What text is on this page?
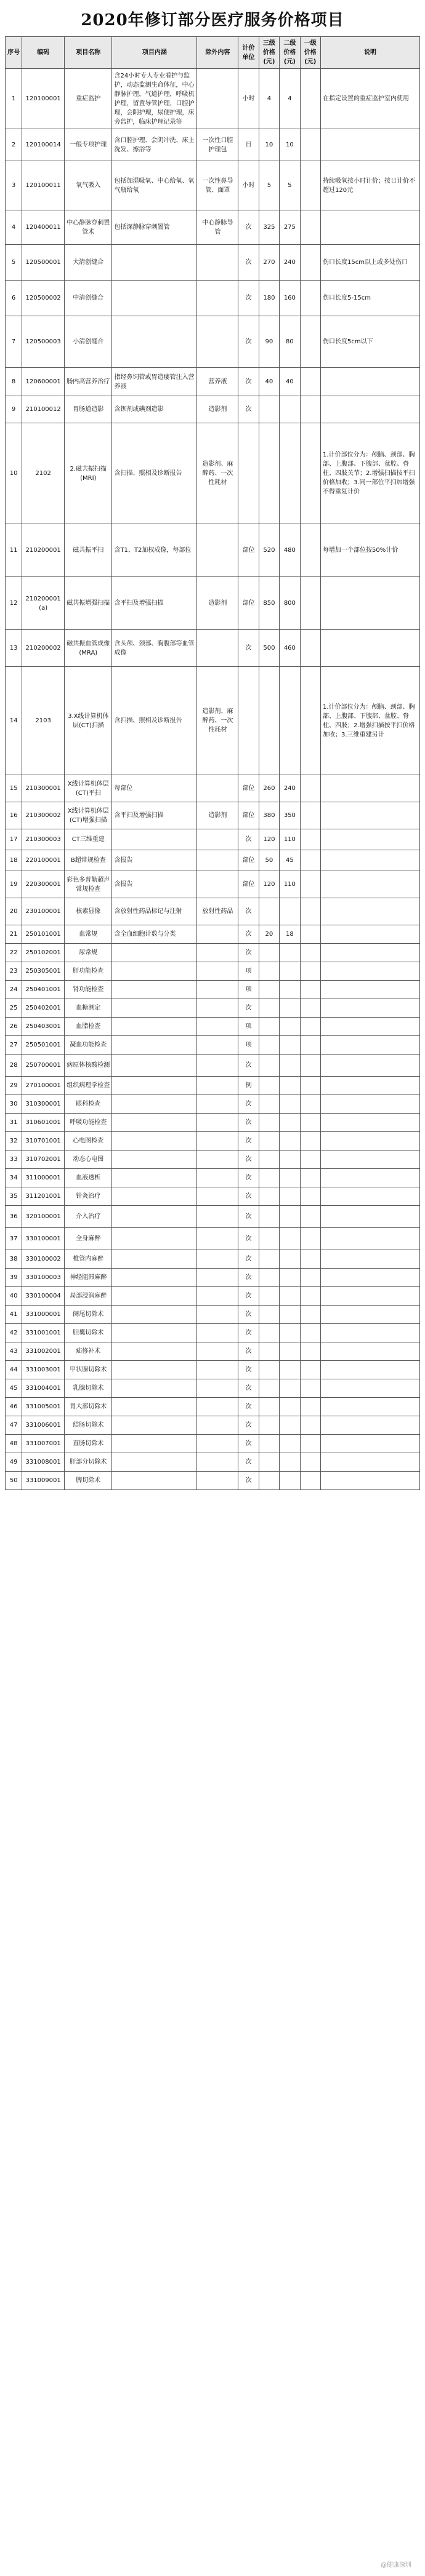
2020年修订部分医疗服务价格项目
序号	编码	项目名称	项目内涵	除外内容	计价单位	三级价格(元)	二级价格(元)	一级价格(元)	说明
1	120100001	重症监护	含24小时专人专业看护与监护，动态监测生命体征，中心静脉护理，气道护理，呼吸机护理，留置导管护理，口腔护理，会阴护理，尿便护理，床旁监护，临床护理记录等		小时	4	4		在指定设置的重症监护室内使用
2	120100014	一般专项护理	含口腔护理、会阴冲洗、床上洗发、擦浴等	一次性口腔护理包	日	10	10		
3	120100011	氧气吸入	包括加湿吸氧、中心给氧、氧气瓶给氧	一次性鼻导管、面罩	小时	5	5		持续吸氧按小时计价；按日计价不超过120元
4	120400011	中心静脉穿刺置管术	包括深静脉穿刺置管	中心静脉导管	次	325	275		
5	120500001	大清创缝合			次	270	240		伤口长度15cm以上或多处伤口
6	120500002	中清创缝合			次	180	160		伤口长度5-15cm
7	120500003	小清创缝合			次	90	80		伤口长度5cm以下
8	120600001	肠内高营养治疗	指经鼻饲管或胃造瘘管注入营养液	营养液	次	40	40		
9	210100012	胃肠道造影	含钡剂或碘剂造影	造影剂	次				
10	2102	2.磁共振扫描(MRI)	含扫描、照相及诊断报告	造影剂、麻醉药、一次性耗材					1.计价部位分为：颅脑、颈部、胸部、上腹部、下腹部、盆腔、脊柱、四肢关节；2.增强扫描按平扫价格加收；3.同一部位平扫加增强不得重复计价
11	210200001	磁共振平扫	含T1、T2加权成像，每部位		部位	520	480		每增加一个部位按50%计价
12	210200001(a)	磁共振增强扫描	含平扫及增强扫描	造影剂	部位	850	800		
13	210200002	磁共振血管成像(MRA)	含头颅、颈部、胸腹部等血管成像		次	500	460		
14	2103	3.X线计算机体层(CT)扫描	含扫描、照相及诊断报告	造影剂、麻醉药、一次性耗材					1.计价部位分为：颅脑、颈部、胸部、上腹部、下腹部、盆腔、脊柱、四肢；2.增强扫描按平扫价格加收；3.三维重建另计
15	210300001	X线计算机体层(CT)平扫	每部位		部位	260	240		
16	210300002	X线计算机体层(CT)增强扫描	含平扫及增强扫描	造影剂	部位	380	350		
17	210300003	CT三维重建			次	120	110		
18	220100001	B超常规检查	含报告		部位	50	45		
19	220300001	彩色多普勒超声常规检查	含报告		部位	120	110		
20	230100001	核素显像	含放射性药品标记与注射	放射性药品	次				
21	250101001	血常规	含全血细胞计数与分类		次	20	18		
22	250102001	尿常规			次				
23	250305001	肝功能检查			项				
24	250401001	肾功能检查			项				
25	250402001	血糖测定			次				
26	250403001	血脂检查			项				
27	250501001	凝血功能检查			项				
28	250700001	病原体核酸检测			次				
29	270100001	组织病理学检查			例				
30	310300001	眼科检查			次				
31	310601001	呼吸功能检查			次				
32	310701001	心电图检查			次				
33	310702001	动态心电图			次				
34	311000001	血液透析			次				
35	311201001	针灸治疗			次				
36	320100001	介入治疗			次				
37	330100001	全身麻醉			次				
38	330100002	椎管内麻醉			次				
39	330100003	神经阻滞麻醉			次				
40	330100004	局部浸润麻醉			次				
41	331000001	阑尾切除术			次				
42	331001001	胆囊切除术			次				
43	331002001	疝修补术			次				
44	331003001	甲状腺切除术			次				
45	331004001	乳腺切除术			次				
46	331005001	胃大部切除术			次				
47	331006001	结肠切除术			次				
48	331007001	直肠切除术			次				
49	331008001	肝部分切除术			次				
50	331009001	脾切除术			次				
@健康深圳
